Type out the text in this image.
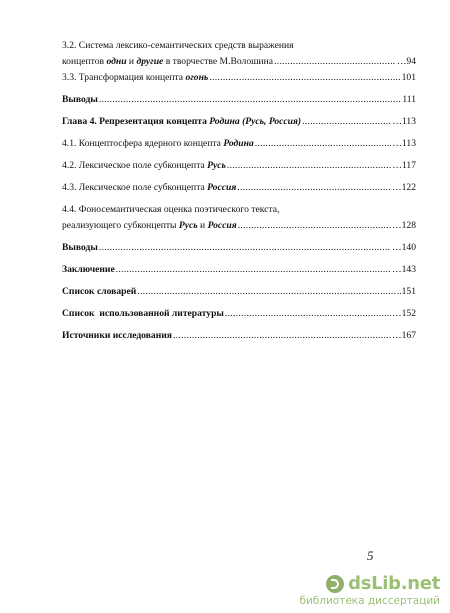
3.2. Система лексико-семантических средств выражения
концептов одни и другие в творчестве М.Волошина .....	…94
3.3. Трансформация концепта огонь .....	101
Выводы .....	111
Глава 4. Репрезентация концепта Родина (Русь, Россия) .....	…113
4.1. Концептосфера ядерного концепта Родина .....	…113
4.2. Лексическое поле субконцепта Русь .....	…117
4.3. Лексическое поле субконцепта Россия .....	…122
4.4. Фоносемантическая оценка поэтического текста,
реализующего субконцепты Русь и Россия .....	…128
Выводы .....	…140
Заключение .....	…143
Список словарей .....	..151
Список  использованной литературы .....	…152
Источники исследования .....	…167
5
dsLib.net
библиотека диссертаций
